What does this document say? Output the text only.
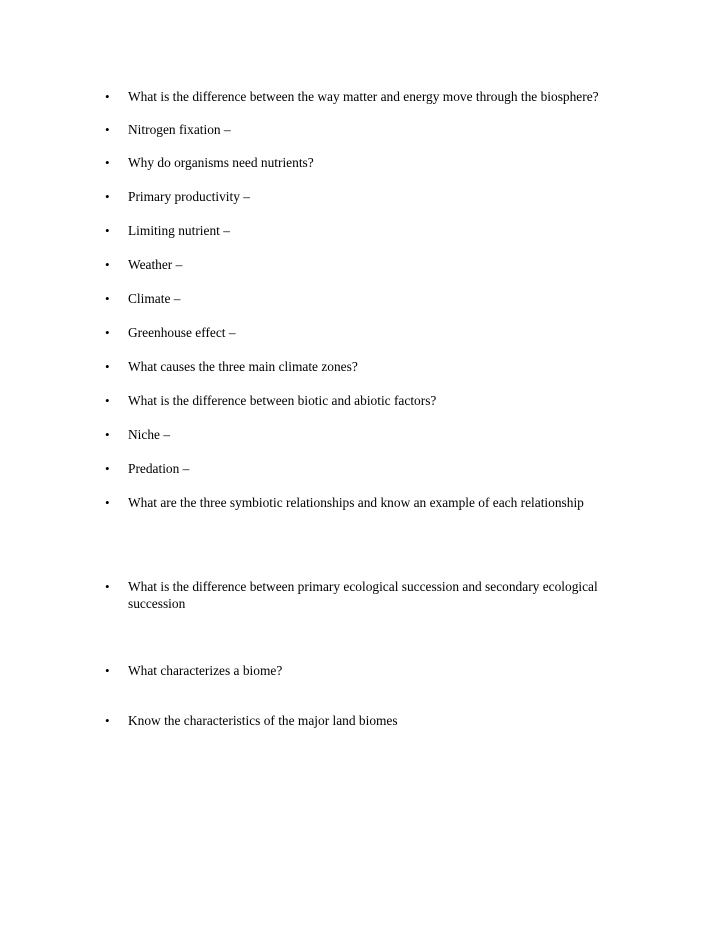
•	What is the difference between the way matter and energy move through the biosphere?
•	Nitrogen fixation –
•	Why do organisms need nutrients?
•	Primary productivity –
•	Limiting nutrient –
•	Weather –
•	Climate –
•	Greenhouse effect –
•	What causes the three main climate zones?
•	What is the difference between biotic and abiotic factors?
•	Niche –
•	Predation –
•	What are the three symbiotic relationships and know an example of each relationship
•	What is the difference between primary ecological succession and secondary ecological succession
•	What characterizes a biome?
•	Know the characteristics of the major land biomes
